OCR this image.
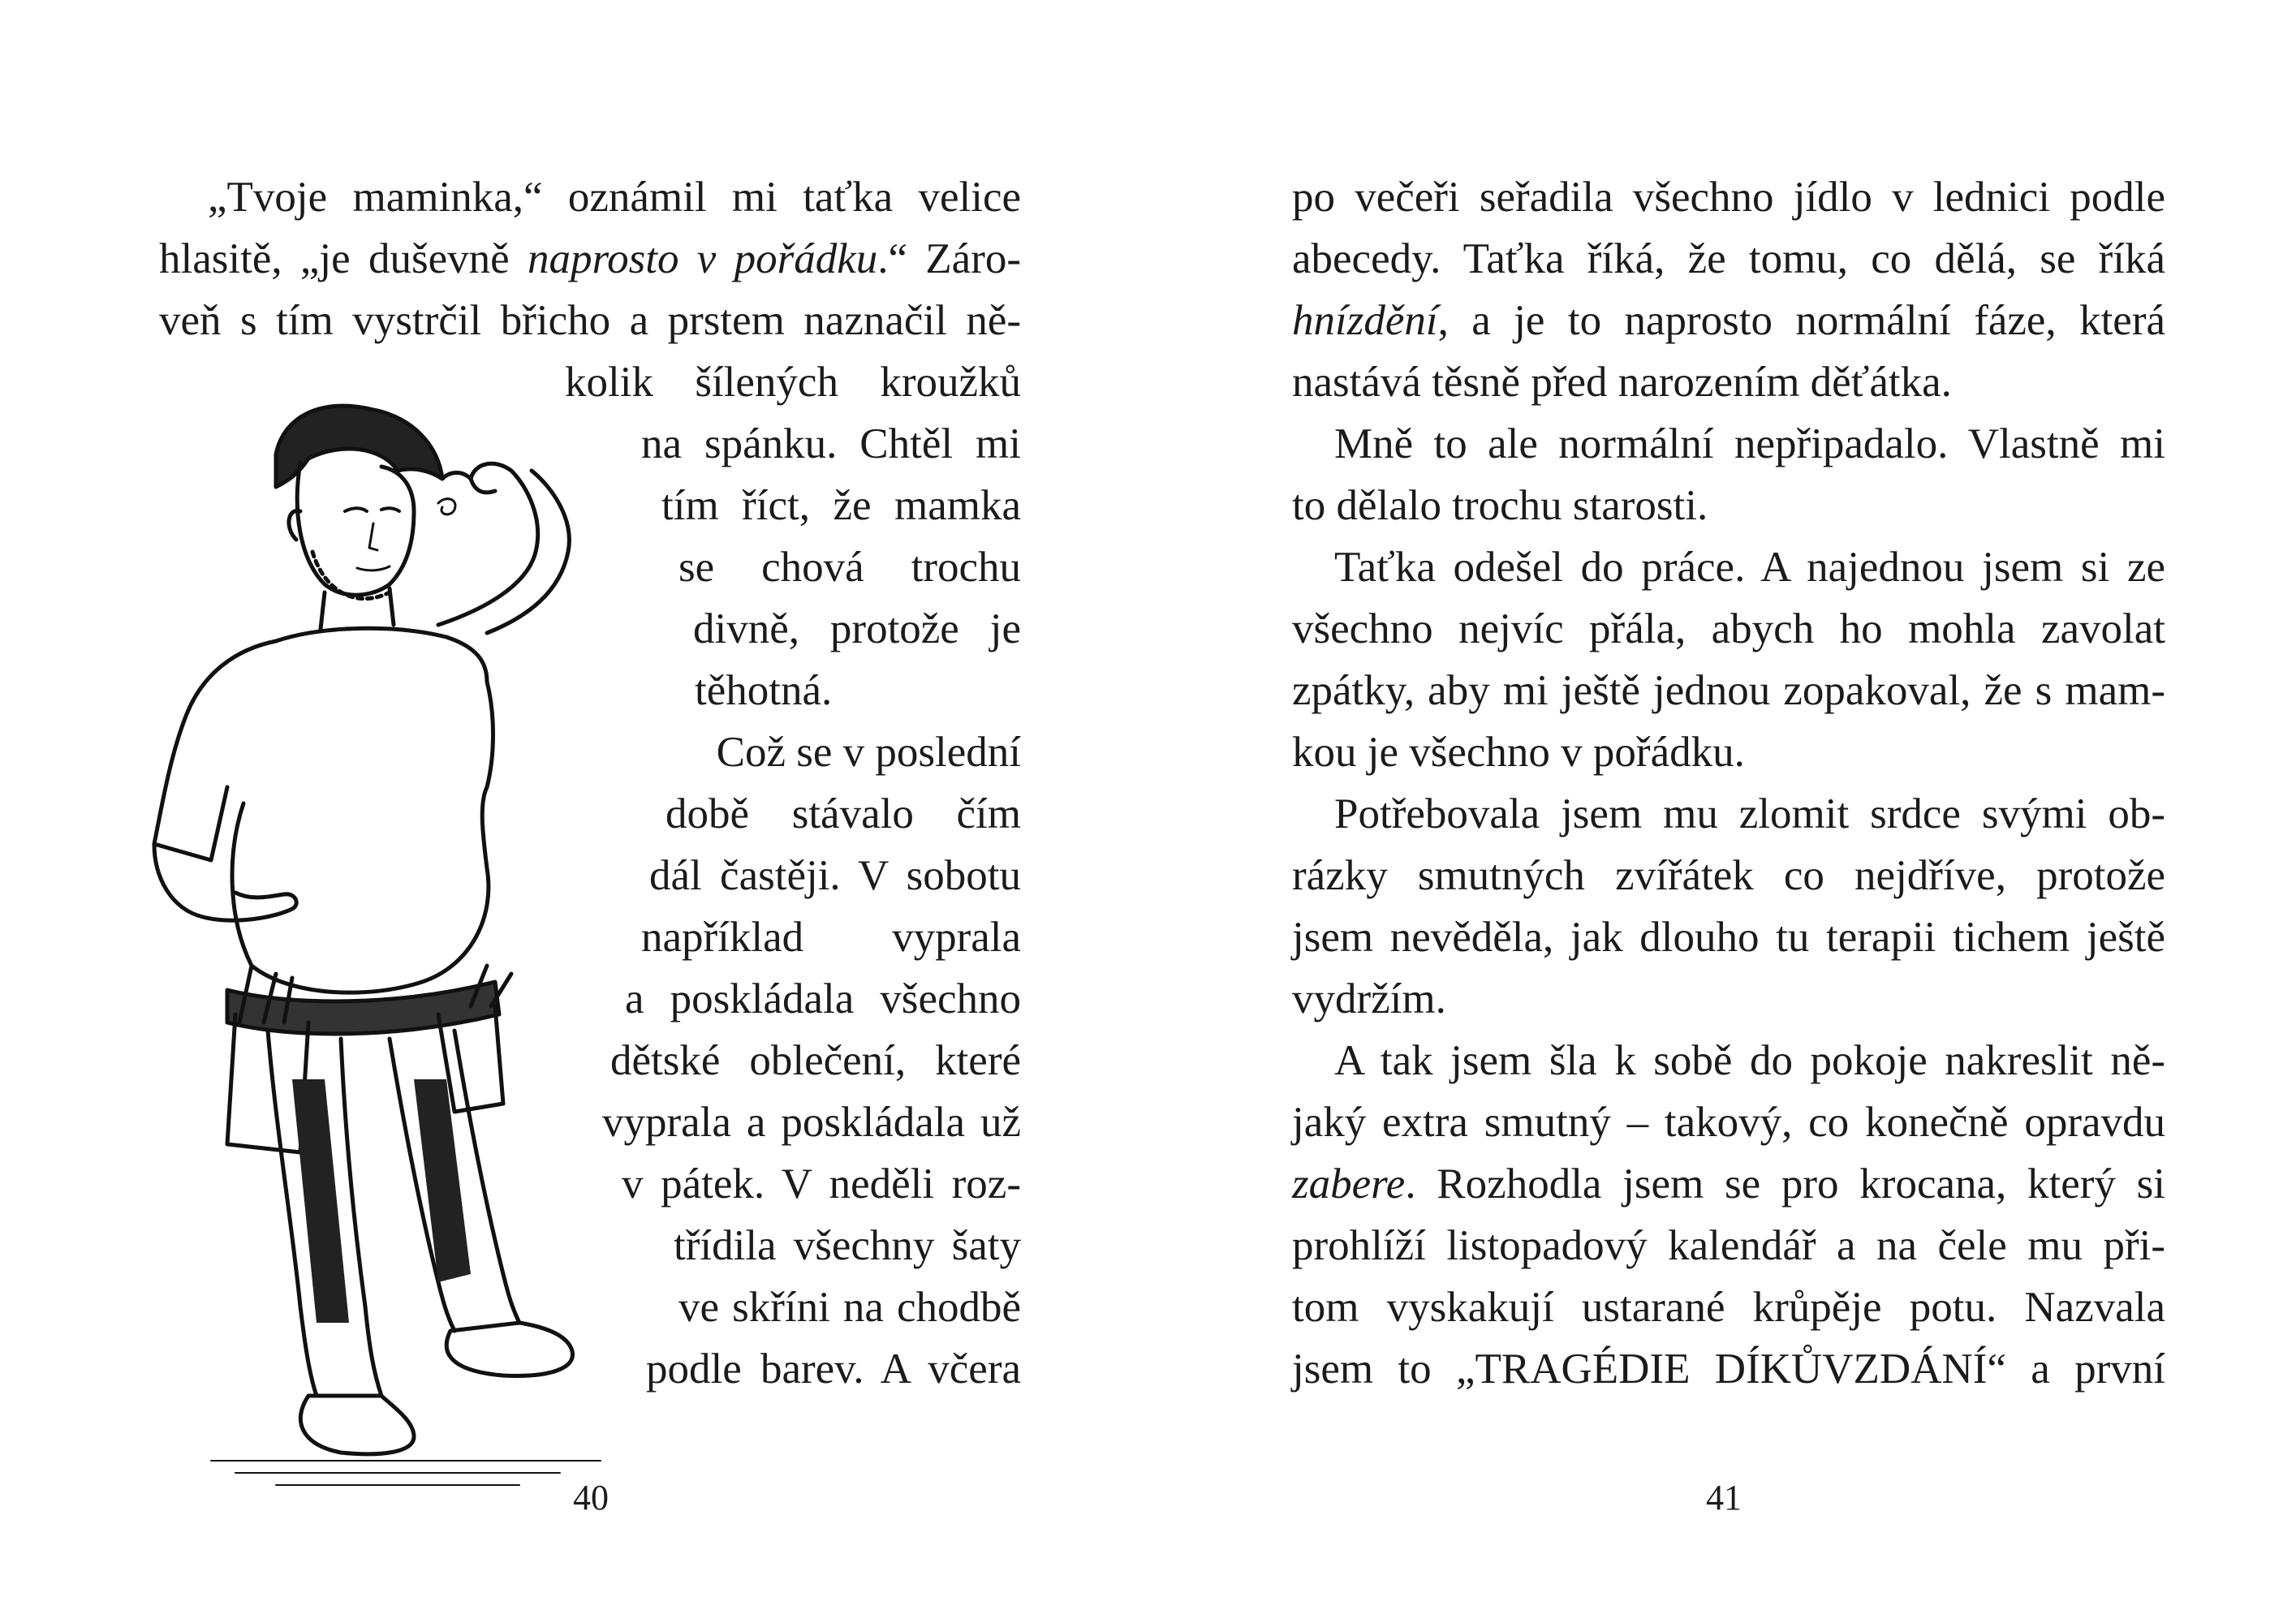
„Tvoje maminka,“ oznámil mi taťka velice
hlasitě, „je duševně naprosto v pořádku.“ Záro-
veň s tím vystrčil břicho a prstem naznačil ně-
kolik šílených kroužků
na spánku. Chtěl mi
tím říct, že mamka
se chová trochu
divně, protože je
těhotná.
Což se v poslední
době stávalo čím
dál častěji. V sobotu
například vyprala
a poskládala všechno
dětské oblečení, které
vyprala a poskládala už
v pátek. V neděli roz-
třídila všechny šaty
ve skříni na chodbě
podle barev. A včera
40
po večeři seřadila všechno jídlo v lednici podle
abecedy. Taťka říká, že tomu, co dělá, se říká
hnízdění, a je to naprosto normální fáze, která
nastává těsně před narozením děťátka.
Mně to ale normální nepřipadalo. Vlastně mi
to dělalo trochu starosti.
Taťka odešel do práce. A najednou jsem si ze
všechno nejvíc přála, abych ho mohla zavolat
zpátky, aby mi ještě jednou zopakoval, že s mam-
kou je všechno v pořádku.
Potřebovala jsem mu zlomit srdce svými ob-
rázky smutných zvířátek co nejdříve, protože
jsem nevěděla, jak dlouho tu terapii tichem ještě
vydržím.
A tak jsem šla k sobě do pokoje nakreslit ně-
jaký extra smutný – takový, co konečně opravdu
zabere. Rozhodla jsem se pro krocana, který si
prohlíží listopadový kalendář a na čele mu při-
tom vyskakují ustarané krůpěje potu. Nazvala
jsem to „TRAGÉDIE DÍKŮVZDÁNÍ“ a první
41
